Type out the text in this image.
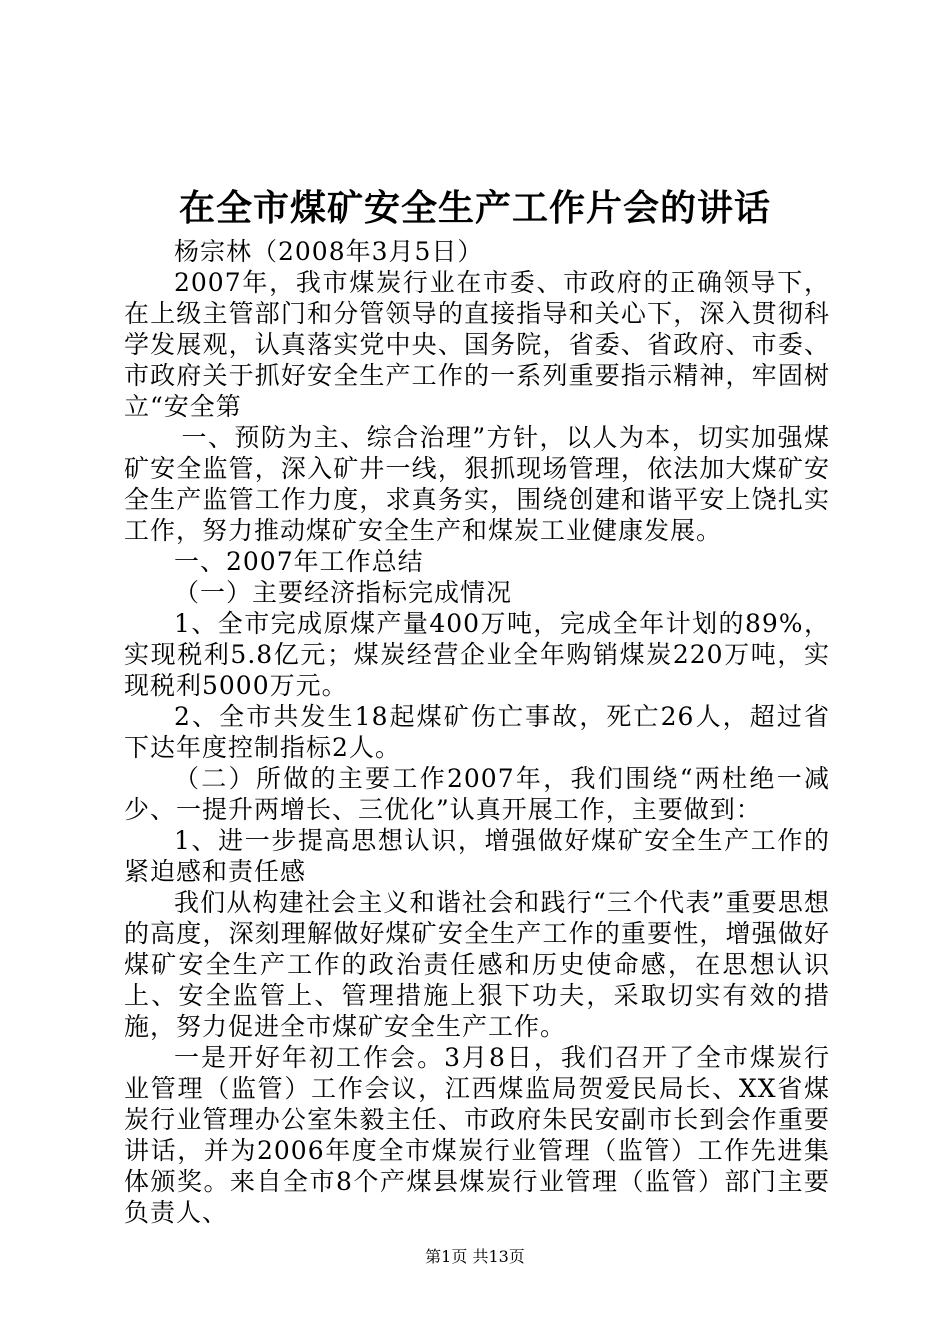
在全市煤矿安全生产工作片会的讲话

杨宗林（2008年3月5日）

2007年，我市煤炭行业在市委、市政府的正确领导下，在上级主管部门和分管领导的直接指导和关心下，深入贯彻科学发展观，认真落实党中央、国务院，省委、省政府、市委、市政府关于抓好安全生产工作的一系列重要指示精神，牢固树立“安全第

一、预防为主、综合治理”方针，以人为本，切实加强煤矿安全监管，深入矿井一线，狠抓现场管理，依法加大煤矿安全生产监管工作力度，求真务实，围绕创建和谐平安上饶扎实工作，努力推动煤矿安全生产和煤炭工业健康发展。

一、2007年工作总结

（一）主要经济指标完成情况

1、全市完成原煤产量400万吨，完成全年计划的89%，实现税利5.8亿元；煤炭经营企业全年购销煤炭220万吨，实现税利5000万元。

2、全市共发生18起煤矿伤亡事故，死亡26人，超过省下达年度控制指标2人。

（二）所做的主要工作2007年，我们围绕“两杜绝一减少、一提升两增长、三优化”认真开展工作，主要做到：

1、进一步提高思想认识，增强做好煤矿安全生产工作的紧迫感和责任感

我们从构建社会主义和谐社会和践行“三个代表”重要思想的高度，深刻理解做好煤矿安全生产工作的重要性，增强做好煤矿安全生产工作的政治责任感和历史使命感，在思想认识上、安全监管上、管理措施上狠下功夫，采取切实有效的措施，努力促进全市煤矿安全生产工作。

一是开好年初工作会。3月8日，我们召开了全市煤炭行业管理（监管）工作会议，江西煤监局贺爱民局长、XX省煤炭行业管理办公室朱毅主任、市政府朱民安副市长到会作重要讲话，并为2006年度全市煤炭行业管理（监管）工作先进集体颁奖。来自全市8个产煤县煤炭行业管理（监管）部门主要负责人、

第1页 共13页
